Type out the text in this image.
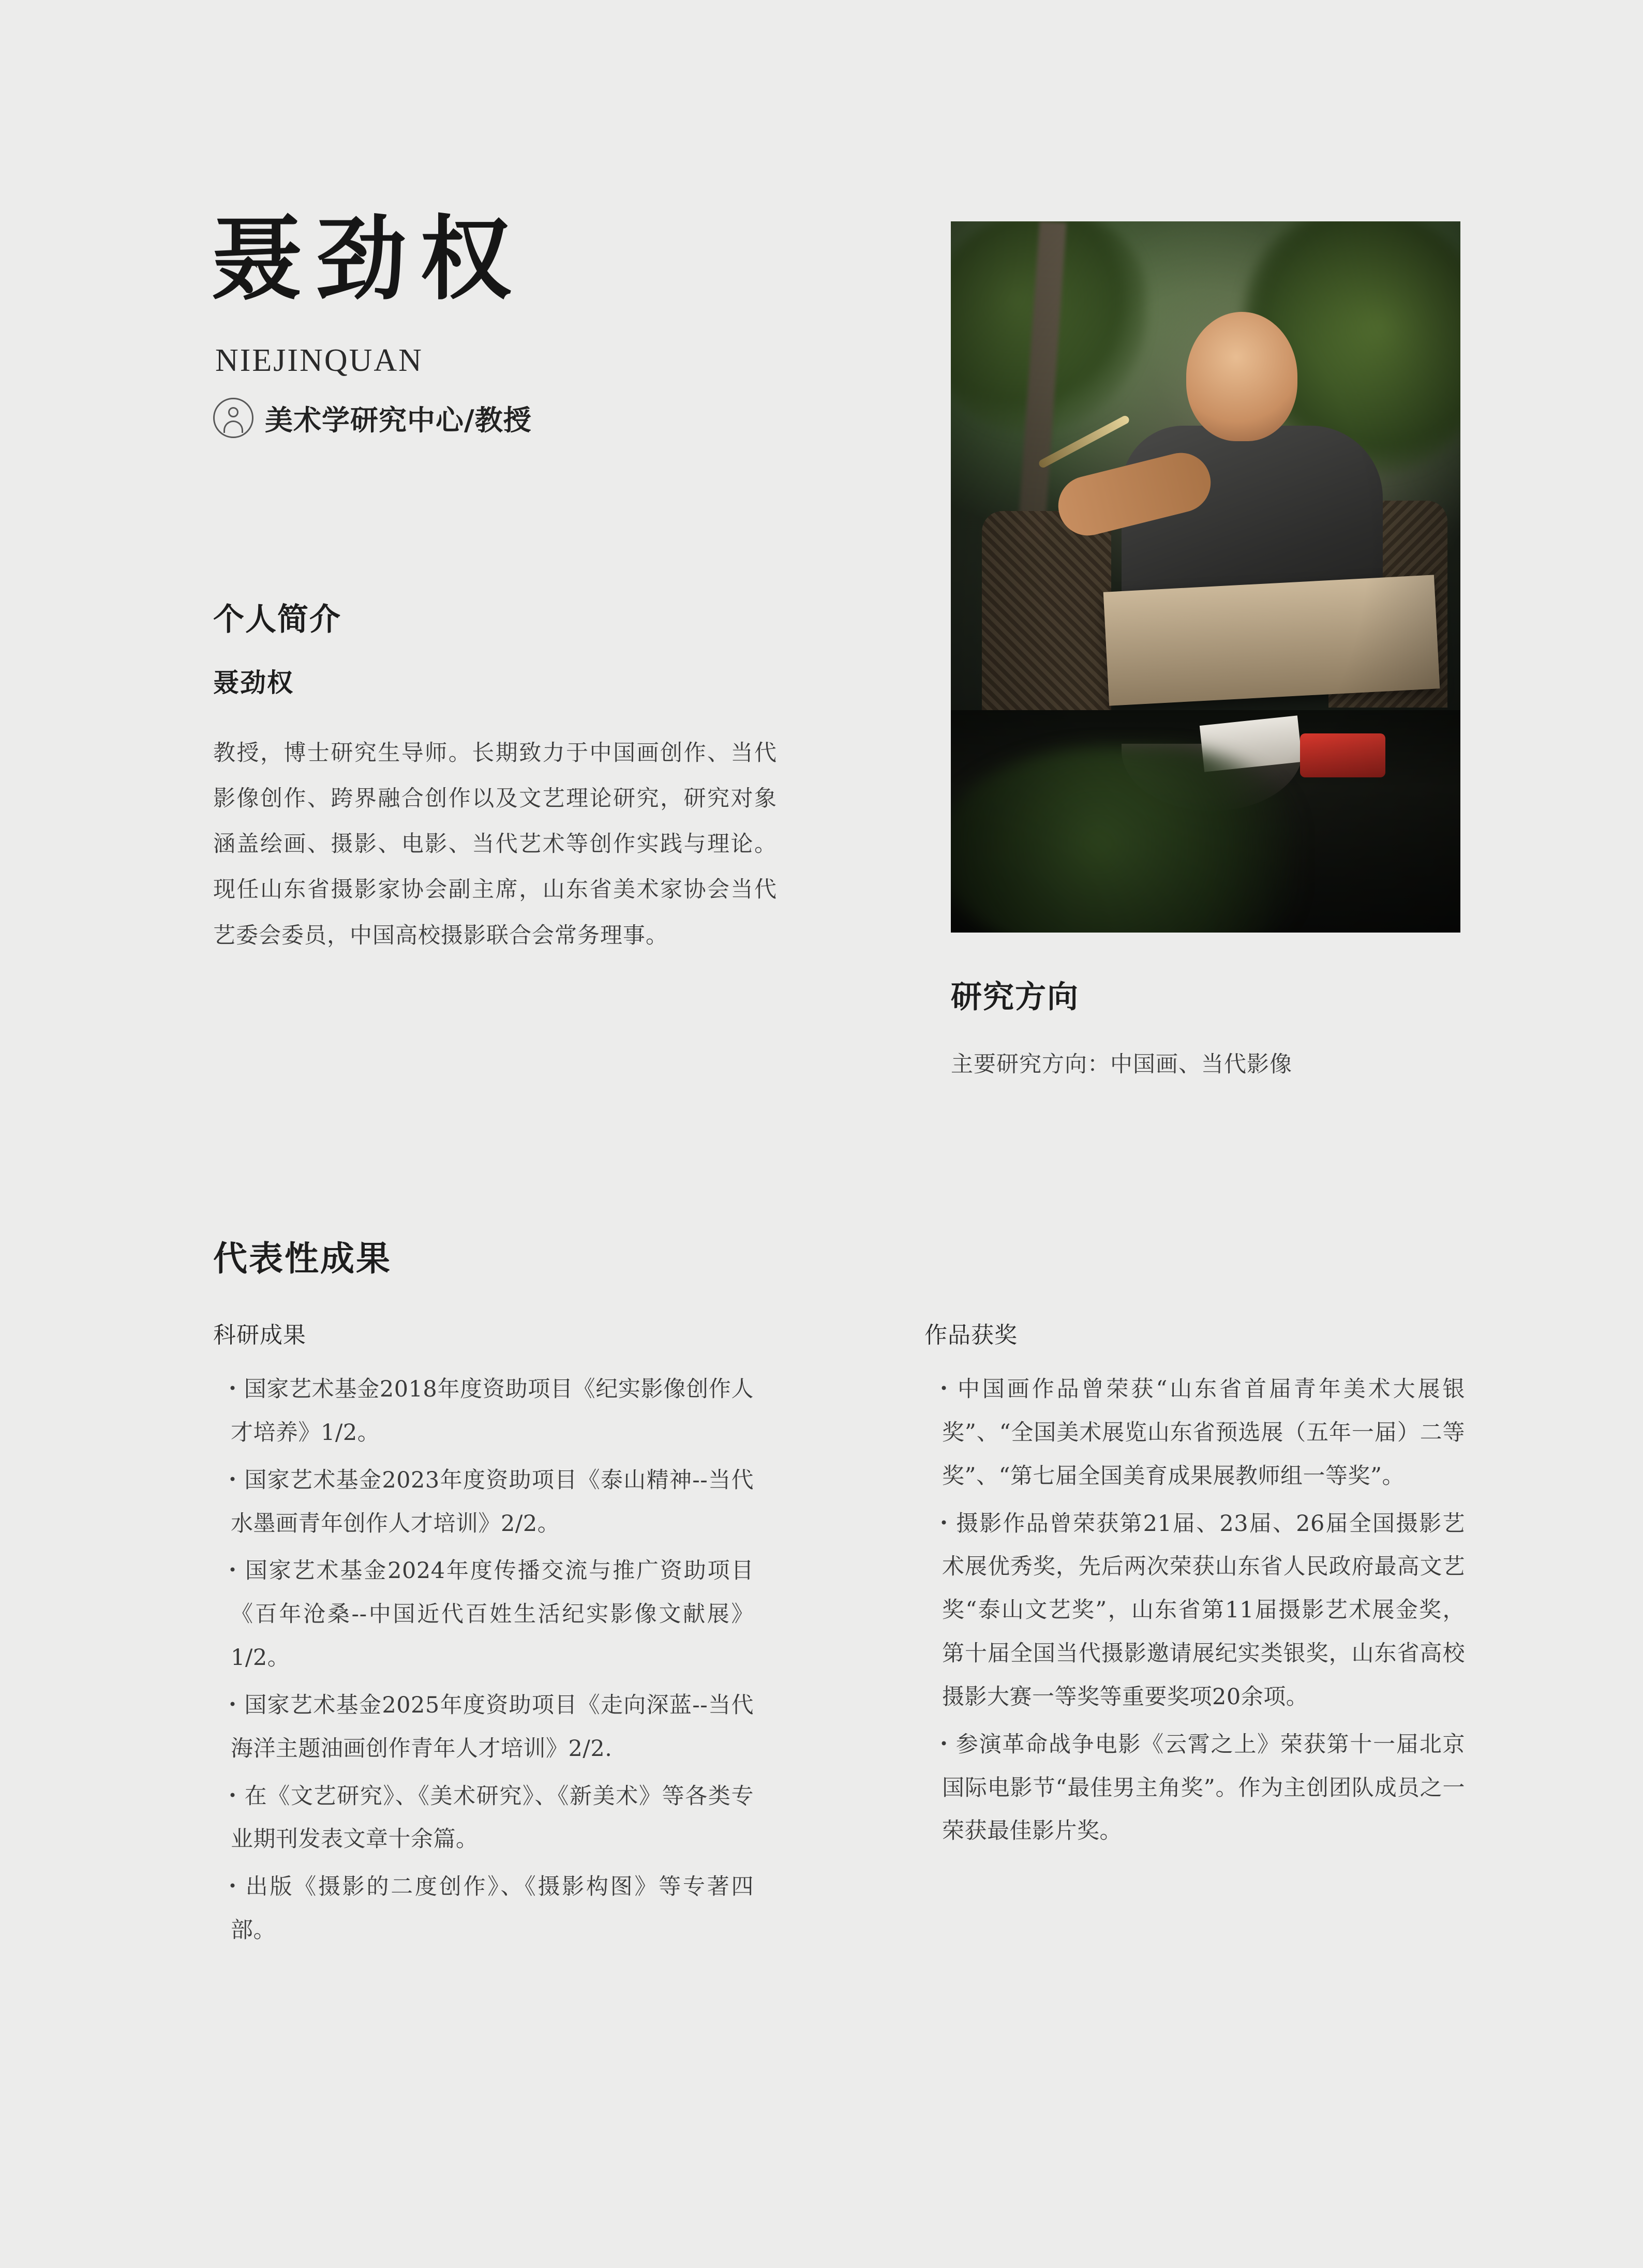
聂劲权
NIEJINQUAN
美术学研究中心/教授
个人简介
聂劲权

教授，博士研究生导师。长期致力于中国画创作、当代影像创作、跨界融合创作以及文艺理论研究，研究对象涵盖绘画、摄影、电影、当代艺术等创作实践与理论。现任山东省摄影家协会副主席，山东省美术家协会当代艺委会委员，中国高校摄影联合会常务理事。

研究方向

主要研究方向：中国画、当代影像

代表性成果
科研成果

・ 国家艺术基金2018年度资助项目《纪实影像创作人才培养》1/2。

・ 国家艺术基金2023年度资助项目《泰山精神--当代水墨画青年创作人才培训》2/2。

・ 国家艺术基金2024年度传播交流与推广资助项目《百年沧桑--中国近代百姓生活纪实影像文献展》1/2。

・ 国家艺术基金2025年度资助项目《走向深蓝--当代海洋主题油画创作青年人才培训》2/2.

・ 在《文艺研究》、《美术研究》、《新美术》等各类专业期刊发表文章十余篇。

・ 出版《摄影的二度创作》、《摄影构图》等专著四部。

作品获奖

・ 中国画作品曾荣获“山东省首届青年美术大展银奖”、“全国美术展览山东省预选展（五年一届）二等奖”、“第七届全国美育成果展教师组一等奖”。

・ 摄影作品曾荣获第21届、23届、26届全国摄影艺术展优秀奖，先后两次荣获山东省人民政府最高文艺奖“泰山文艺奖”，山东省第11届摄影艺术展金奖，第十届全国当代摄影邀请展纪实类银奖，山东省高校摄影大赛一等奖等重要奖项20余项。

・ 参演革命战争电影《云霄之上》荣获第十一届北京国际电影节“最佳男主角奖”。作为主创团队成员之一荣获最佳影片奖。
